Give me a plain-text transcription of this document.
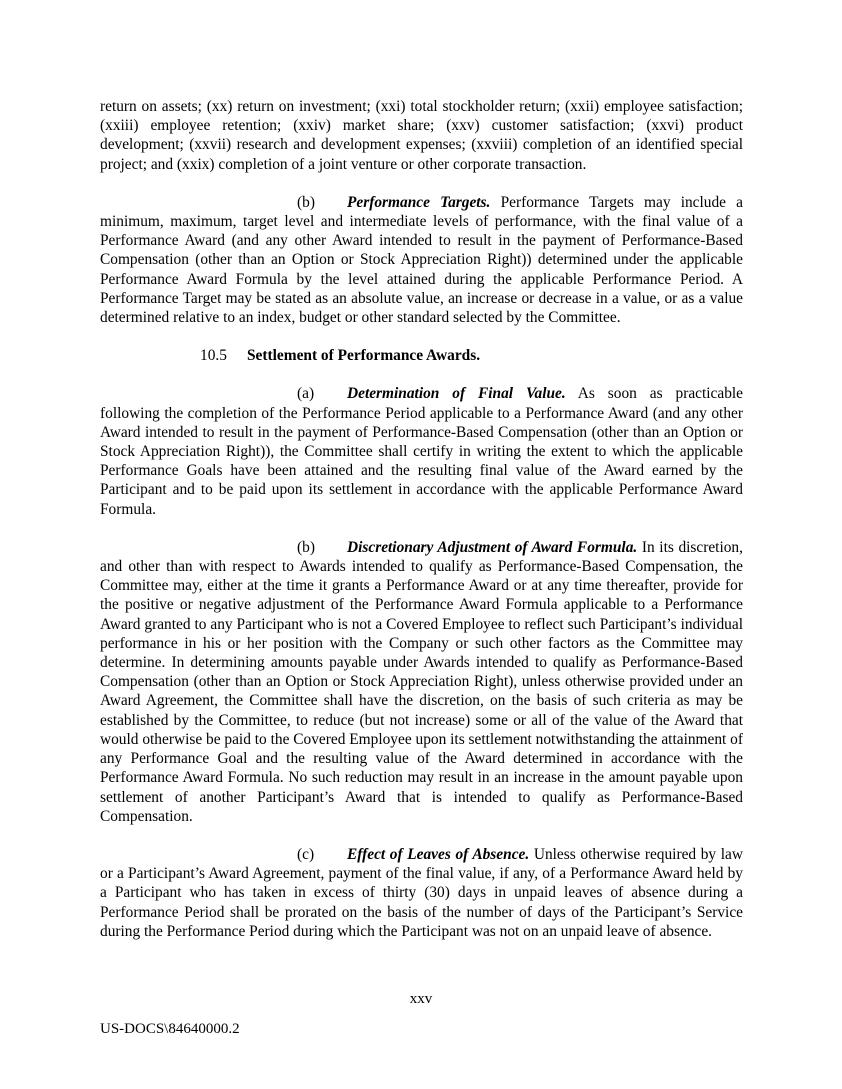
return on assets; (xx) return on investment; (xxi) total stockholder return; (xxii) employee satisfaction; (xxiii) employee retention; (xxiv) market share; (xxv) customer satisfaction; (xxvi) product development; (xxvii) research and development expenses; (xxviii) completion of an identified special project; and (xxix) completion of a joint venture or other corporate transaction.

(b) Performance Targets. Performance Targets may include a minimum, maximum, target level and intermediate levels of performance, with the final value of a Performance Award (and any other Award intended to result in the payment of Performance-Based Compensation (other than an Option or Stock Appreciation Right)) determined under the applicable Performance Award Formula by the level attained during the applicable Performance Period. A Performance Target may be stated as an absolute value, an increase or decrease in a value, or as a value determined relative to an index, budget or other standard selected by the Committee.

10.5 Settlement of Performance Awards.

(a) Determination of Final Value. As soon as practicable following the completion of the Performance Period applicable to a Performance Award (and any other Award intended to result in the payment of Performance-Based Compensation (other than an Option or Stock Appreciation Right)), the Committee shall certify in writing the extent to which the applicable Performance Goals have been attained and the resulting final value of the Award earned by the Participant and to be paid upon its settlement in accordance with the applicable Performance Award Formula.

(b) Discretionary Adjustment of Award Formula. In its discretion, and other than with respect to Awards intended to qualify as Performance-Based Compensation, the Committee may, either at the time it grants a Performance Award or at any time thereafter, provide for the positive or negative adjustment of the Performance Award Formula applicable to a Performance Award granted to any Participant who is not a Covered Employee to reflect such Participant’s individual performance in his or her position with the Company or such other factors as the Committee may determine. In determining amounts payable under Awards intended to qualify as Performance-Based Compensation (other than an Option or Stock Appreciation Right), unless otherwise provided under an Award Agreement, the Committee shall have the discretion, on the basis of such criteria as may be established by the Committee, to reduce (but not increase) some or all of the value of the Award that would otherwise be paid to the Covered Employee upon its settlement notwithstanding the attainment of any Performance Goal and the resulting value of the Award determined in accordance with the Performance Award Formula. No such reduction may result in an increase in the amount payable upon settlement of another Participant’s Award that is intended to qualify as Performance-Based Compensation.

(c) Effect of Leaves of Absence. Unless otherwise required by law or a Participant’s Award Agreement, payment of the final value, if any, of a Performance Award held by a Participant who has taken in excess of thirty (30) days in unpaid leaves of absence during a Performance Period shall be prorated on the basis of the number of days of the Participant’s Service during the Performance Period during which the Participant was not on an unpaid leave of absence.

xxv
US-DOCS\84640000.2
